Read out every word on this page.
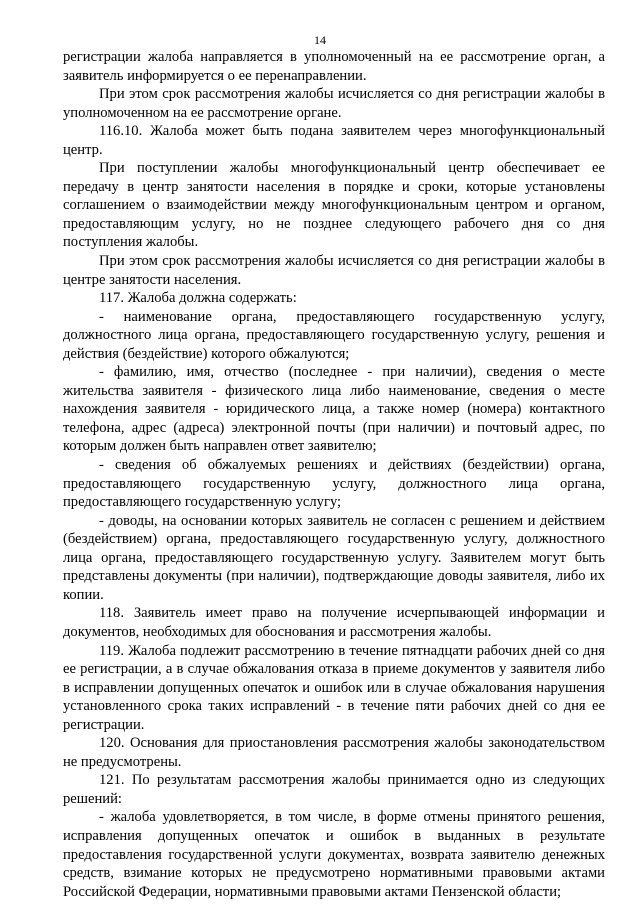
14

регистрации жалоба направляется в уполномоченный на ее рассмотрение орган, а заявитель информируется о ее перенаправлении.

При этом срок рассмотрения жалобы исчисляется со дня регистрации жалобы в уполномоченном на ее рассмотрение органе.

116.10. Жалоба может быть подана заявителем через многофункциональный центр.

При поступлении жалобы многофункциональный центр обеспечивает ее передачу в центр занятости населения в порядке и сроки, которые установлены соглашением о взаимодействии между многофункциональным центром и органом, предоставляющим услугу, но не позднее следующего рабочего дня со дня поступления жалобы.

При этом срок рассмотрения жалобы исчисляется со дня регистрации жалобы в центре занятости населения.

117. Жалоба должна содержать:

- наименование органа, предоставляющего государственную услугу, должностного лица органа, предоставляющего государственную услугу, решения и действия (бездействие) которого обжалуются;

- фамилию, имя, отчество (последнее - при наличии), сведения о месте жительства заявителя - физического лица либо наименование, сведения о месте нахождения заявителя - юридического лица, а также номер (номера) контактного телефона, адрес (адреса) электронной почты (при наличии) и почтовый адрес, по которым должен быть направлен ответ заявителю;

- сведения об обжалуемых решениях и действиях (бездействии) органа, предоставляющего государственную услугу, должностного лица органа, предоставляющего государственную услугу;

- доводы, на основании которых заявитель не согласен с решением и действием (бездействием) органа, предоставляющего государственную услугу, должностного лица органа, предоставляющего государственную услугу. Заявителем могут быть представлены документы (при наличии), подтверждающие доводы заявителя, либо их копии.

118. Заявитель имеет право на получение исчерпывающей информации и документов, необходимых для обоснования и рассмотрения жалобы.

119. Жалоба подлежит рассмотрению в течение пятнадцати рабочих дней со дня ее регистрации, а в случае обжалования отказа в приеме документов у заявителя либо в исправлении допущенных опечаток и ошибок или в случае обжалования нарушения установленного срока таких исправлений - в течение пяти рабочих дней со дня ее регистрации.

120. Основания для приостановления рассмотрения жалобы законодательством не предусмотрены.

121. По результатам рассмотрения жалобы принимается одно из следующих решений:

- жалоба удовлетворяется, в том числе, в форме отмены принятого решения, исправления допущенных опечаток и ошибок в выданных в результате предоставления государственной услуги документах, возврата заявителю денежных средств, взимание которых не предусмотрено нормативными правовыми актами Российской Федерации, нормативными правовыми актами Пензенской области;
